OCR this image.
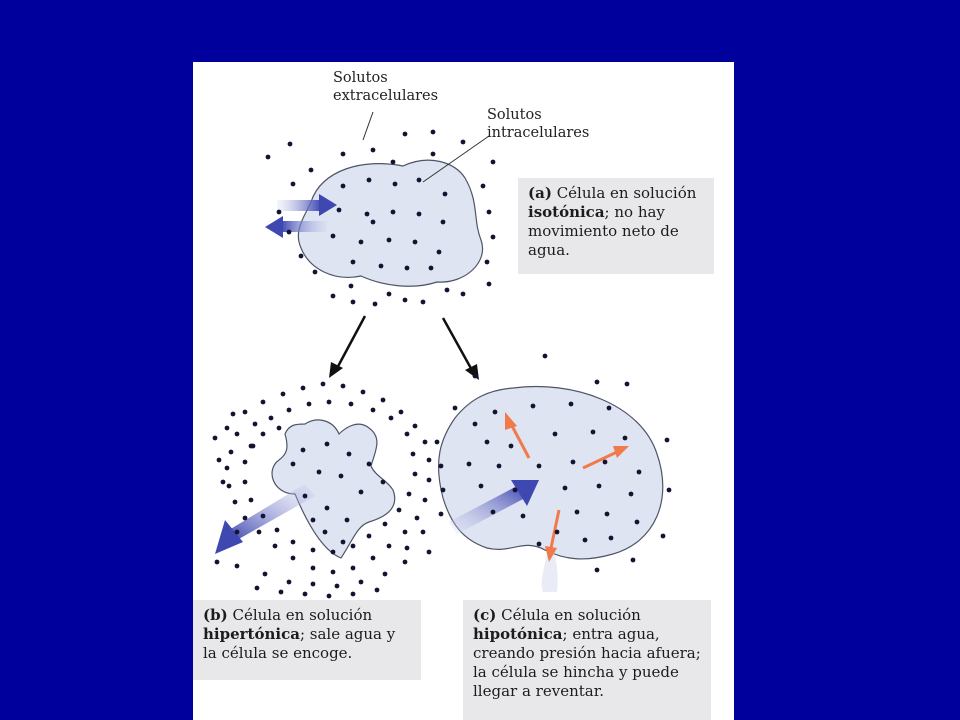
Solutos
extracelulares
Solutos
intracelulares
(a) Célula en solución isotónica; no hay movimiento neto de agua.
(b) Célula en solución hipertónica; sale agua y la célula se encoge.
(c) Célula en solución hipotónica; entra agua, creando presión hacia afuera; la célula se hincha y puede llegar a reventar.
